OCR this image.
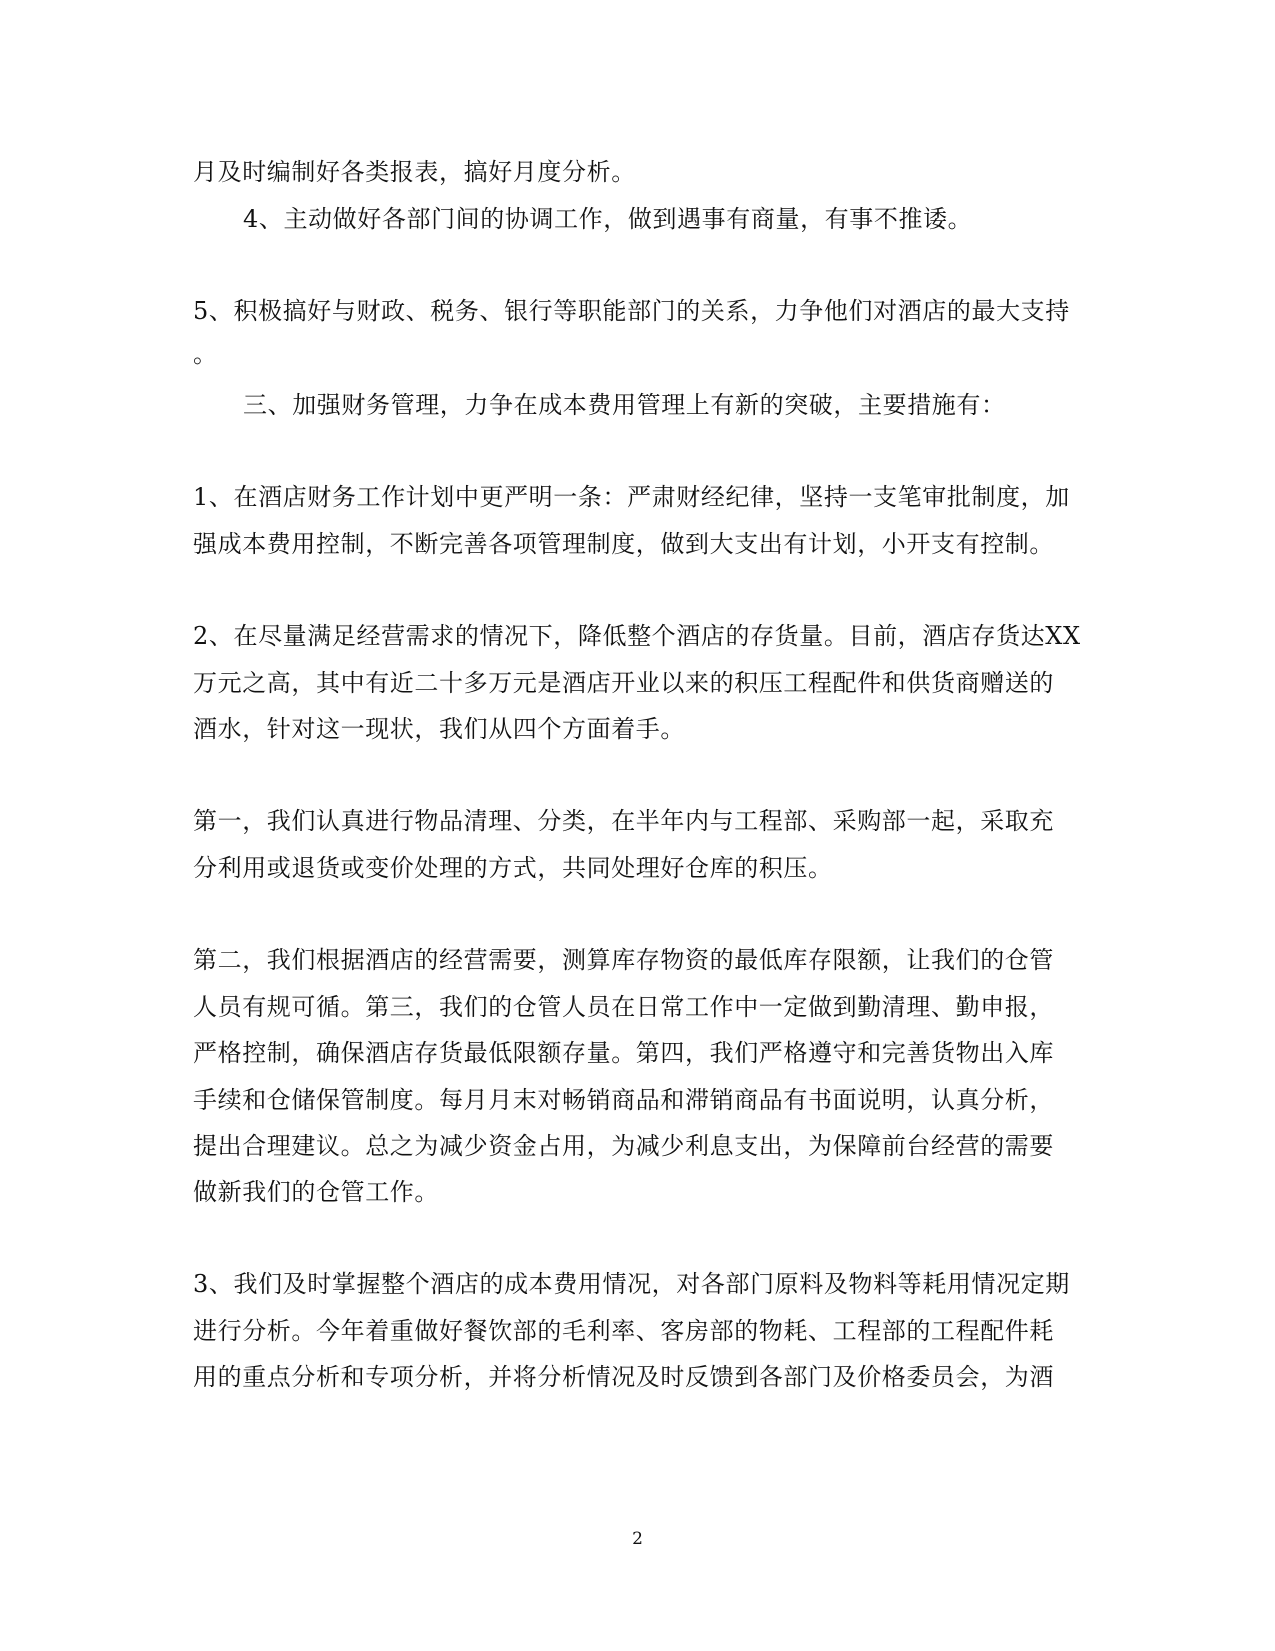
月及时编制好各类报表，搞好月度分析。
4、主动做好各部门间的协调工作，做到遇事有商量，有事不推诿。
5、积极搞好与财政、税务、银行等职能部门的关系，力争他们对酒店的最大支持
。
三、加强财务管理，力争在成本费用管理上有新的突破，主要措施有：
1、在酒店财务工作计划中更严明一条：严肃财经纪律，坚持一支笔审批制度，加
强成本费用控制，不断完善各项管理制度，做到大支出有计划，小开支有控制。
2、在尽量满足经营需求的情况下，降低整个酒店的存货量。目前，酒店存货达XX
万元之高，其中有近二十多万元是酒店开业以来的积压工程配件和供货商赠送的
酒水，针对这一现状，我们从四个方面着手。
第一，我们认真进行物品清理、分类，在半年内与工程部、采购部一起，采取充
分利用或退货或变价处理的方式，共同处理好仓库的积压。
第二，我们根据酒店的经营需要，测算库存物资的最低库存限额，让我们的仓管
人员有规可循。第三，我们的仓管人员在日常工作中一定做到勤清理、勤申报，
严格控制，确保酒店存货最低限额存量。第四，我们严格遵守和完善货物出入库
手续和仓储保管制度。每月月末对畅销商品和滞销商品有书面说明，认真分析，
提出合理建议。总之为减少资金占用，为减少利息支出，为保障前台经营的需要
做新我们的仓管工作。
3、我们及时掌握整个酒店的成本费用情况，对各部门原料及物料等耗用情况定期
进行分析。今年着重做好餐饮部的毛利率、客房部的物耗、工程部的工程配件耗
用的重点分析和专项分析，并将分析情况及时反馈到各部门及价格委员会，为酒
2
